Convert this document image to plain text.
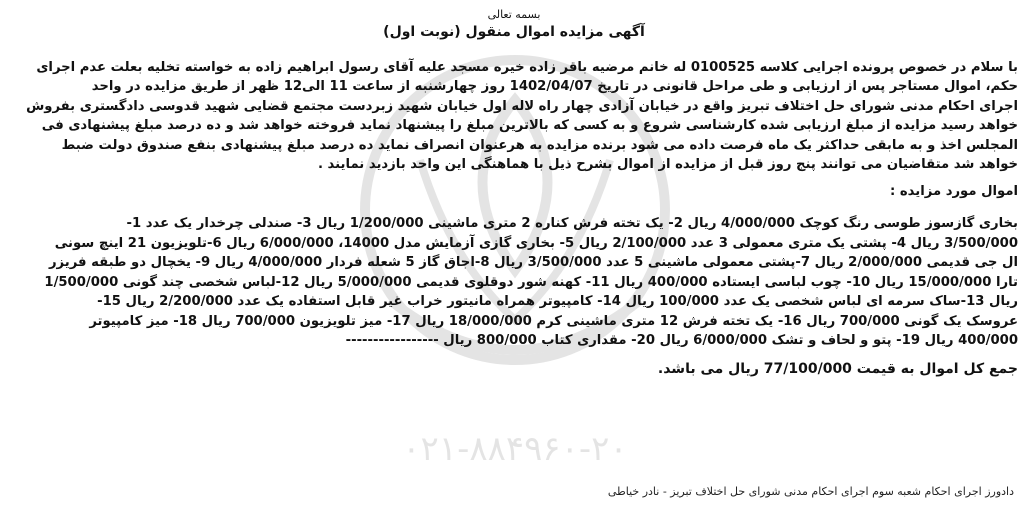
۰۲۱-۸۸۴۹۶۰-۲۰
بسمه تعالی
آگهی مزایده اموال منقول (نوبت اول)
با سلام در خصوص پرونده اجرایی کلاسه 0100525 له خانم مرضیه باقر زاده خیره مسجد علیه آقای رسول ابراهیم زاده به خواسته تخلیه بعلت عدم اجرای
حکم، اموال مستاجر پس از ارزیابی و طی مراحل قانونی در تاریخ 1402/04/07 روز چهارشنبه از ساعت 11 الی12 ظهر از طریق مزایده در واحد
اجرای احکام مدنی شورای حل اختلاف تبریز واقع در خیابان آزادی چهار راه لاله اول خیابان شهید زبردست مجتمع قضایی شهید قدوسی دادگستری بفروش
خواهد رسید مزایده از مبلغ ارزیابی شده کارشناسی شروع و به کسی که بالاترین مبلغ را پیشنهاد نماید فروخته خواهد شد و ده درصد مبلغ پیشنهادی فی
المجلس اخذ و به مابقی حداکثر یک ماه فرصت داده می شود برنده مزایده به هرعنوان انصراف نماید ده درصد مبلغ پیشنهادی بنفع صندوق دولت ضبط
خواهد شد متقاضیان می توانند پنج روز قبل از مزایده از اموال بشرح ذیل با هماهنگی این واحد بازدید نمایند .
اموال مورد مزایده :
بخاری گازسوز طوسی رنگ کوچک 4/000/000 ریال 2- یک تخته فرش کناره 2 متری ماشینی 1/200/000 ریال 3- صندلی چرخدار یک عدد 1-
3/500/000 ریال 4- پشتی یک متری معمولی 3 عدد 2/100/000 ریال 5- بخاری گازی آزمایش مدل 14000، 6/000/000 ریال 6-تلویزیون 21 اینچ سونی
ال جی قدیمی 2/000/000 ریال 7-پشتی معمولی ماشینی 5 عدد 3/500/000 ریال 8-اجاق گاز 5 شعله فردار 4/000/000 ریال 9- یخچال دو طبقه فریزر
تارا 15/000/000 ریال 10- چوب لباسی ایستاده 400/000 ریال 11- کهنه شور دوقلوی قدیمی 5/000/000 ریال 12-لباس شخصی چند گونی 1/500/000
ریال 13-ساک سرمه ای لباس شخصی یک عدد 100/000 ریال 14- کامپیوتر همراه مانیتور خراب غیر قابل استفاده یک عدد 2/200/000 ریال 15-
عروسک یک گونی 700/000 ریال 16- یک تخته فرش 12 متری ماشینی کرم 18/000/000 ریال 17- میز تلویزیون 700/000 ریال 18- میز کامپیوتر
400/000 ریال 19- پتو و لحاف و تشک 6/000/000 ریال 20- مقداری کتاب 800/000 ریال -----------------
جمع کل اموال به قیمت 77/100/000 ریال می باشد.
دادورز اجرای احکام شعبه سوم اجرای احکام مدنی شورای حل اختلاف تبریز - نادر خیاطی
